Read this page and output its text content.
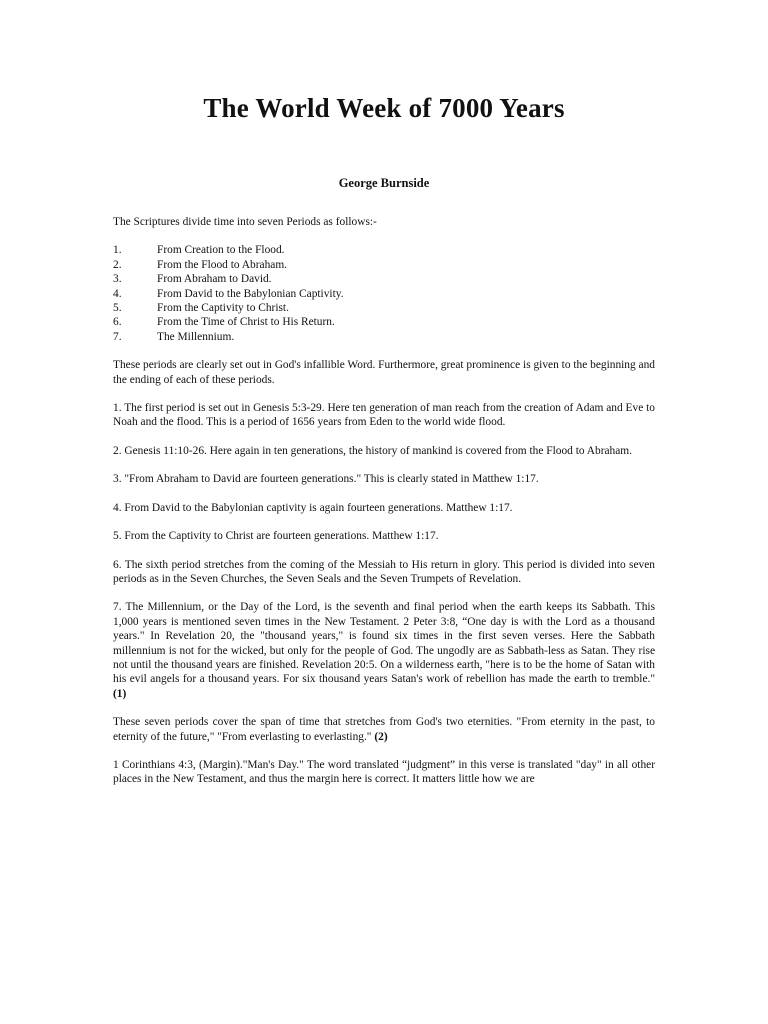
The World Week of 7000 Years
George Burnside

The Scriptures divide time into seven Periods as follows:-

1.	From Creation to the Flood.
2.	From the Flood to Abraham.
3.	From Abraham to David.
4.	From David to the Babylonian Captivity.
5.	From the Captivity to Christ.
6.	From the Time of Christ to His Return.
7.	The Millennium.

These periods are clearly set out in God's infallible Word. Furthermore, great prominence is given to the beginning and the ending of each of these periods.

1. The first period is set out in Genesis 5:3-29. Here ten generation of man reach from the creation of Adam and Eve to Noah and the flood. This is a period of 1656 years from Eden to the world wide flood.

2. Genesis 11:10-26. Here again in ten generations, the history of mankind is covered from the Flood to Abraham.

3. "From Abraham to David are fourteen generations." This is clearly stated in Matthew 1:17.

4. From David to the Babylonian captivity is again fourteen generations. Matthew 1:17.

5. From the Captivity to Christ are fourteen generations. Matthew 1:17.

6. The sixth period stretches from the coming of the Messiah to His return in glory. This period is divided into seven periods as in the Seven Churches, the Seven Seals and the Seven Trumpets of Revelation.

7. The Millennium, or the Day of the Lord, is the seventh and final period when the earth keeps its Sabbath. This 1,000 years is mentioned seven times in the New Testament. 2 Peter 3:8, “One day is with the Lord as a thousand years." In Revelation 20, the "thousand years," is found six times in the first seven verses. Here the Sabbath millennium is not for the wicked, but only for the people of God. The ungodly are as Sabbath-less as Satan. They rise not until the thousand years are finished. Revelation 20:5. On a wilderness earth, "here is to be the home of Satan with his evil angels for a thousand years. For six thousand years Satan's work of rebellion has made the earth to tremble." (1)

These seven periods cover the span of time that stretches from God's two eternities. "From eternity in the past, to eternity of the future," "From everlasting to everlasting." (2)

1 Corinthians 4:3, (Margin)."Man's Day." The word translated “judgment” in this verse is translated "day" in all other places in the New Testament, and thus the margin here is correct. It matters little how we are
